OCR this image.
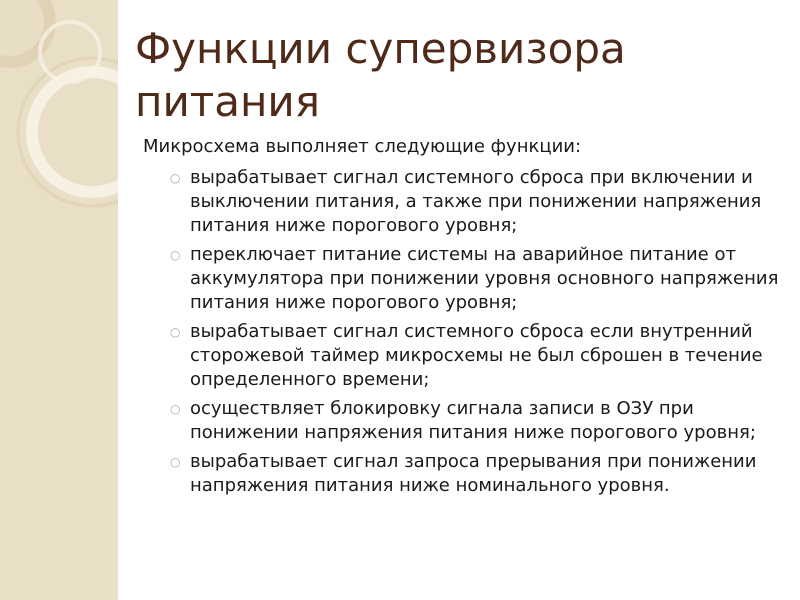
Функции супервизора питания

Микросхема выполняет следующие функции:

○ вырабатывает сигнал системного сброса при включении и выключении питания, а также при понижении напряжения питания ниже порогового уровня;
○ переключает питание системы на аварийное питание от аккумулятора при понижении уровня основного напряжения питания ниже порогового уровня;
○ вырабатывает сигнал системного сброса если внутренний сторожевой таймер микросхемы не был сброшен в течение определенного времени;
○ осуществляет блокировку сигнала записи в ОЗУ при понижении напряжения питания ниже порогового уровня;
○ вырабатывает сигнал запроса прерывания при понижении напряжения питания ниже номинального уровня.
